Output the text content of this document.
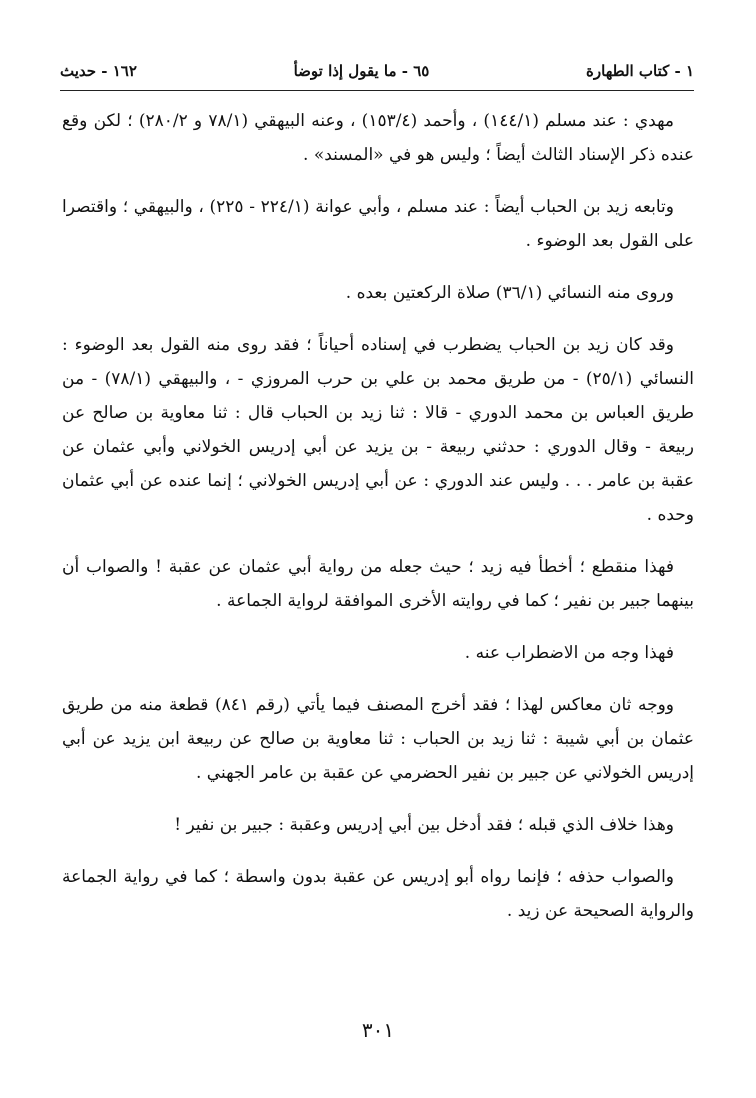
١ - كتاب الطهارة
٦٥ - ما يقول إذا توضأ
١٦٢ - حديث

مهدي : عند مسلم (١٤٤/١) ، وأحمد (١٥٣/٤) ، وعنه البيهقي (٧٨/١ و ٢٨٠/٢) ؛ لكن وقع عنده ذكر الإسناد الثالث أيضاً ؛ وليس هو في «المسند» .

وتابعه زيد بن الحباب أيضاً : عند مسلم ، وأبي عوانة (٢٢٤/١ - ٢٢٥) ، والبيهقي ؛ واقتصرا على القول بعد الوضوء .

وروى منه النسائي (٣٦/١) صلاة الركعتين بعده .

وقد كان زيد بن الحباب يضطرب في إسناده أحياناً ؛ فقد روى منه القول بعد الوضوء : النسائي (٢٥/١) - من طريق محمد بن علي بن حرب المروزي - ، والبيهقي (٧٨/١) - من طريق العباس بن محمد الدوري - قالا : ثنا زيد بن الحباب قال : ثنا معاوية بن صالح عن ربيعة - وقال الدوري : حدثني ربيعة - بن يزيد عن أبي إدريس الخولاني وأبي عثمان عن عقبة بن عامر . . . وليس عند الدوري : عن أبي إدريس الخولاني ؛ إنما عنده عن أبي عثمان وحده .

فهذا منقطع ؛ أخطأ فيه زيد ؛ حيث جعله من رواية أبي عثمان عن عقبة ! والصواب أن بينهما جبير بن نفير ؛ كما في روايته الأخرى الموافقة لرواية الجماعة .

فهذا وجه من الاضطراب عنه .

ووجه ثان معاكس لهذا ؛ فقد أخرج المصنف فيما يأتي (رقم ٨٤١) قطعة منه من طريق عثمان بن أبي شيبة : ثنا زيد بن الحباب : ثنا معاوية بن صالح عن ربيعة ابن يزيد عن أبي إدريس الخولاني عن جبير بن نفير الحضرمي عن عقبة بن عامر الجهني .

وهذا خلاف الذي قبله ؛ فقد أدخل بين أبي إدريس وعقبة : جبير بن نفير !

والصواب حذفه ؛ فإنما رواه أبو إدريس عن عقبة بدون واسطة ؛ كما في رواية الجماعة والرواية الصحيحة عن زيد .

٣٠١
